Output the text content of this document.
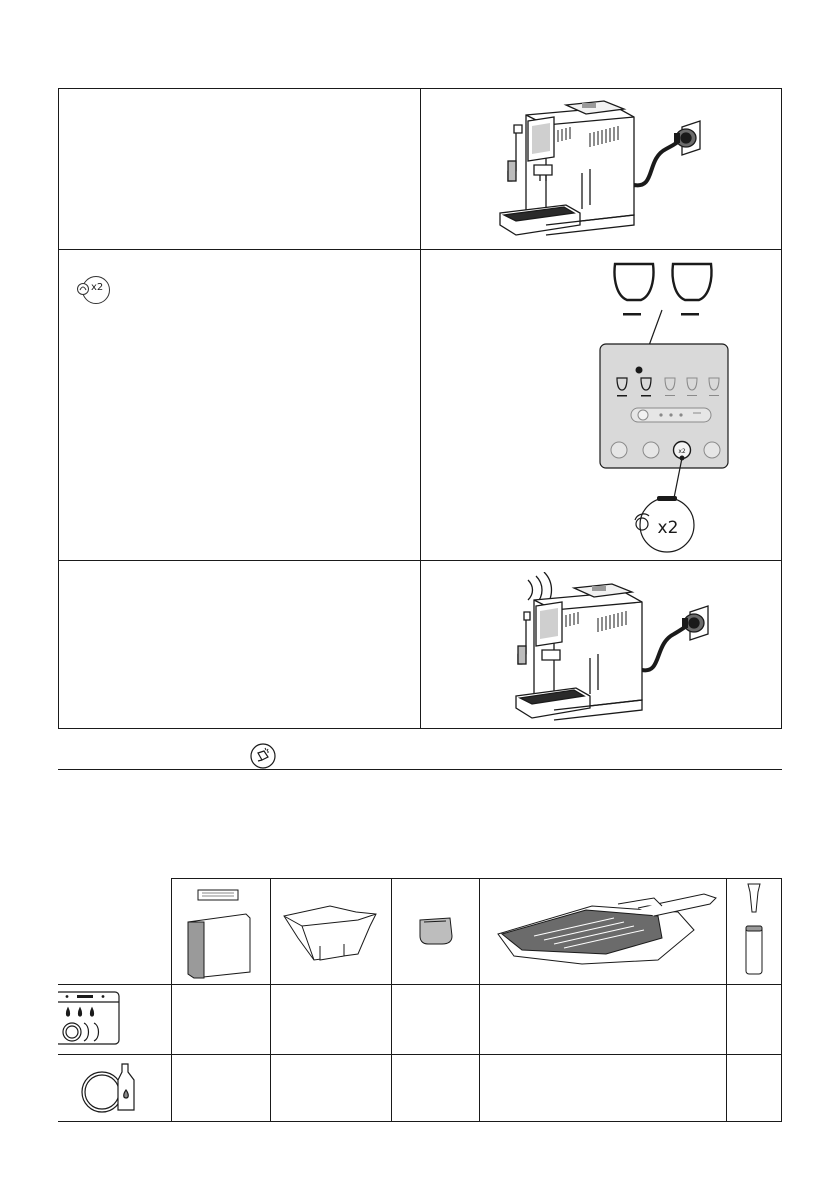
x2
x2
x2
